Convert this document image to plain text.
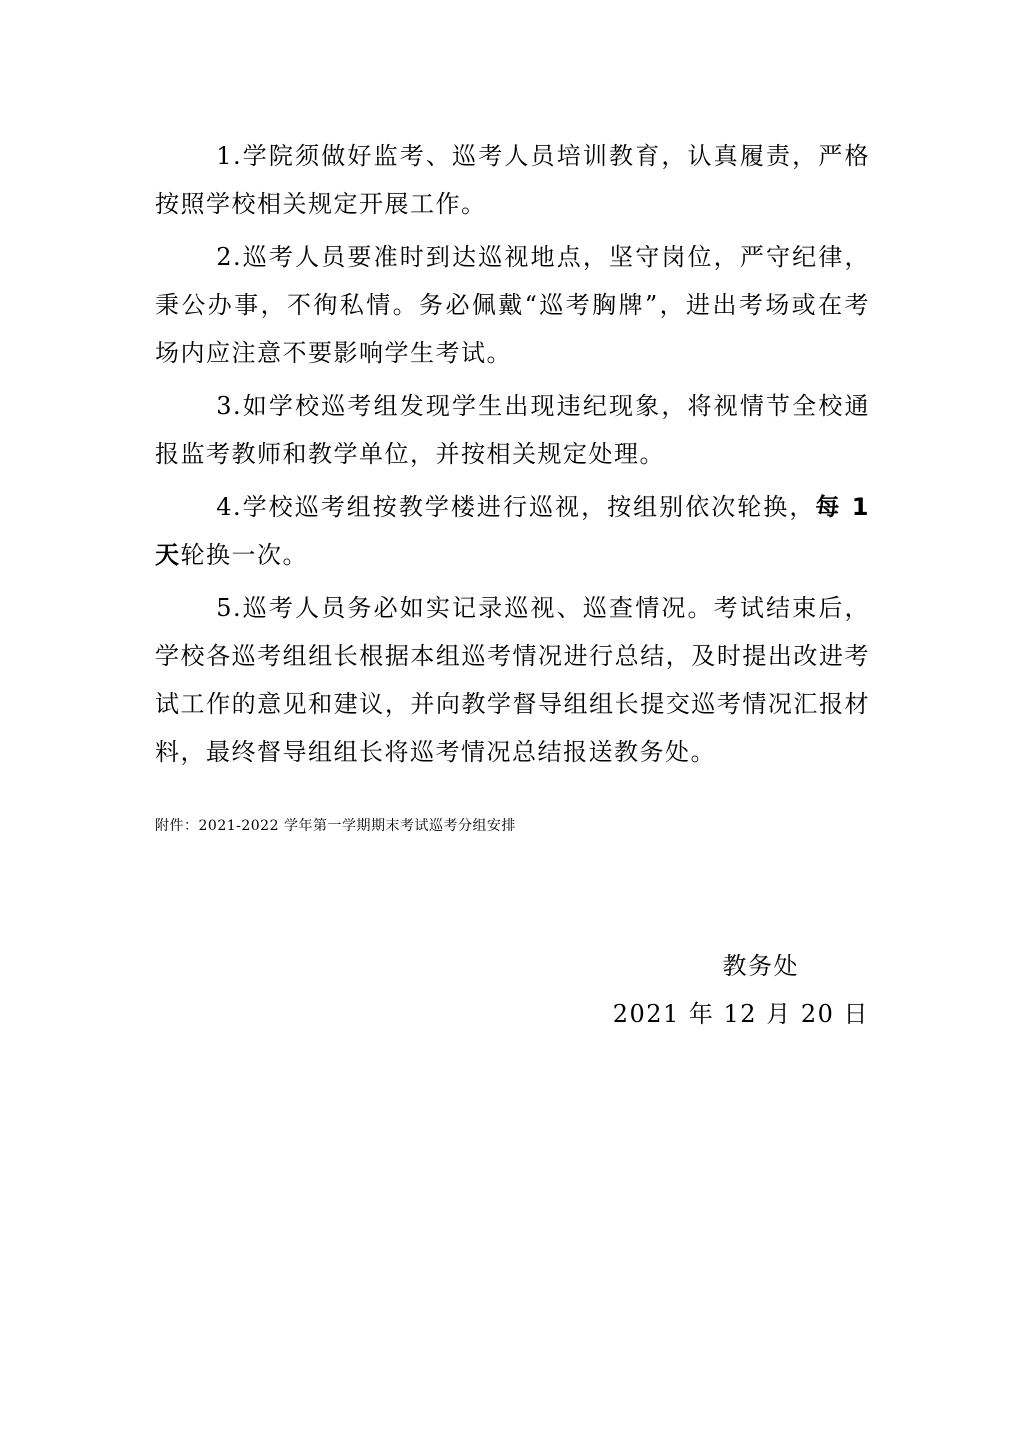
1.学院须做好监考、巡考人员培训教育，认真履责，严格按照学校相关规定开展工作。

2.巡考人员要准时到达巡视地点，坚守岗位，严守纪律，秉公办事，不徇私情。务必佩戴“巡考胸牌”，进出考场或在考场内应注意不要影响学生考试。

3.如学校巡考组发现学生出现违纪现象，将视情节全校通报监考教师和教学单位，并按相关规定处理。

4.学校巡考组按教学楼进行巡视，按组别依次轮换，每 1 天轮换一次。

5.巡考人员务必如实记录巡视、巡查情况。考试结束后，学校各巡考组组长根据本组巡考情况进行总结，及时提出改进考试工作的意见和建议，并向教学督导组组长提交巡考情况汇报材料，最终督导组组长将巡考情况总结报送教务处。

附件：2021-2022 学年第一学期期末考试巡考分组安排
教务处
2021 年 12 月 20 日
